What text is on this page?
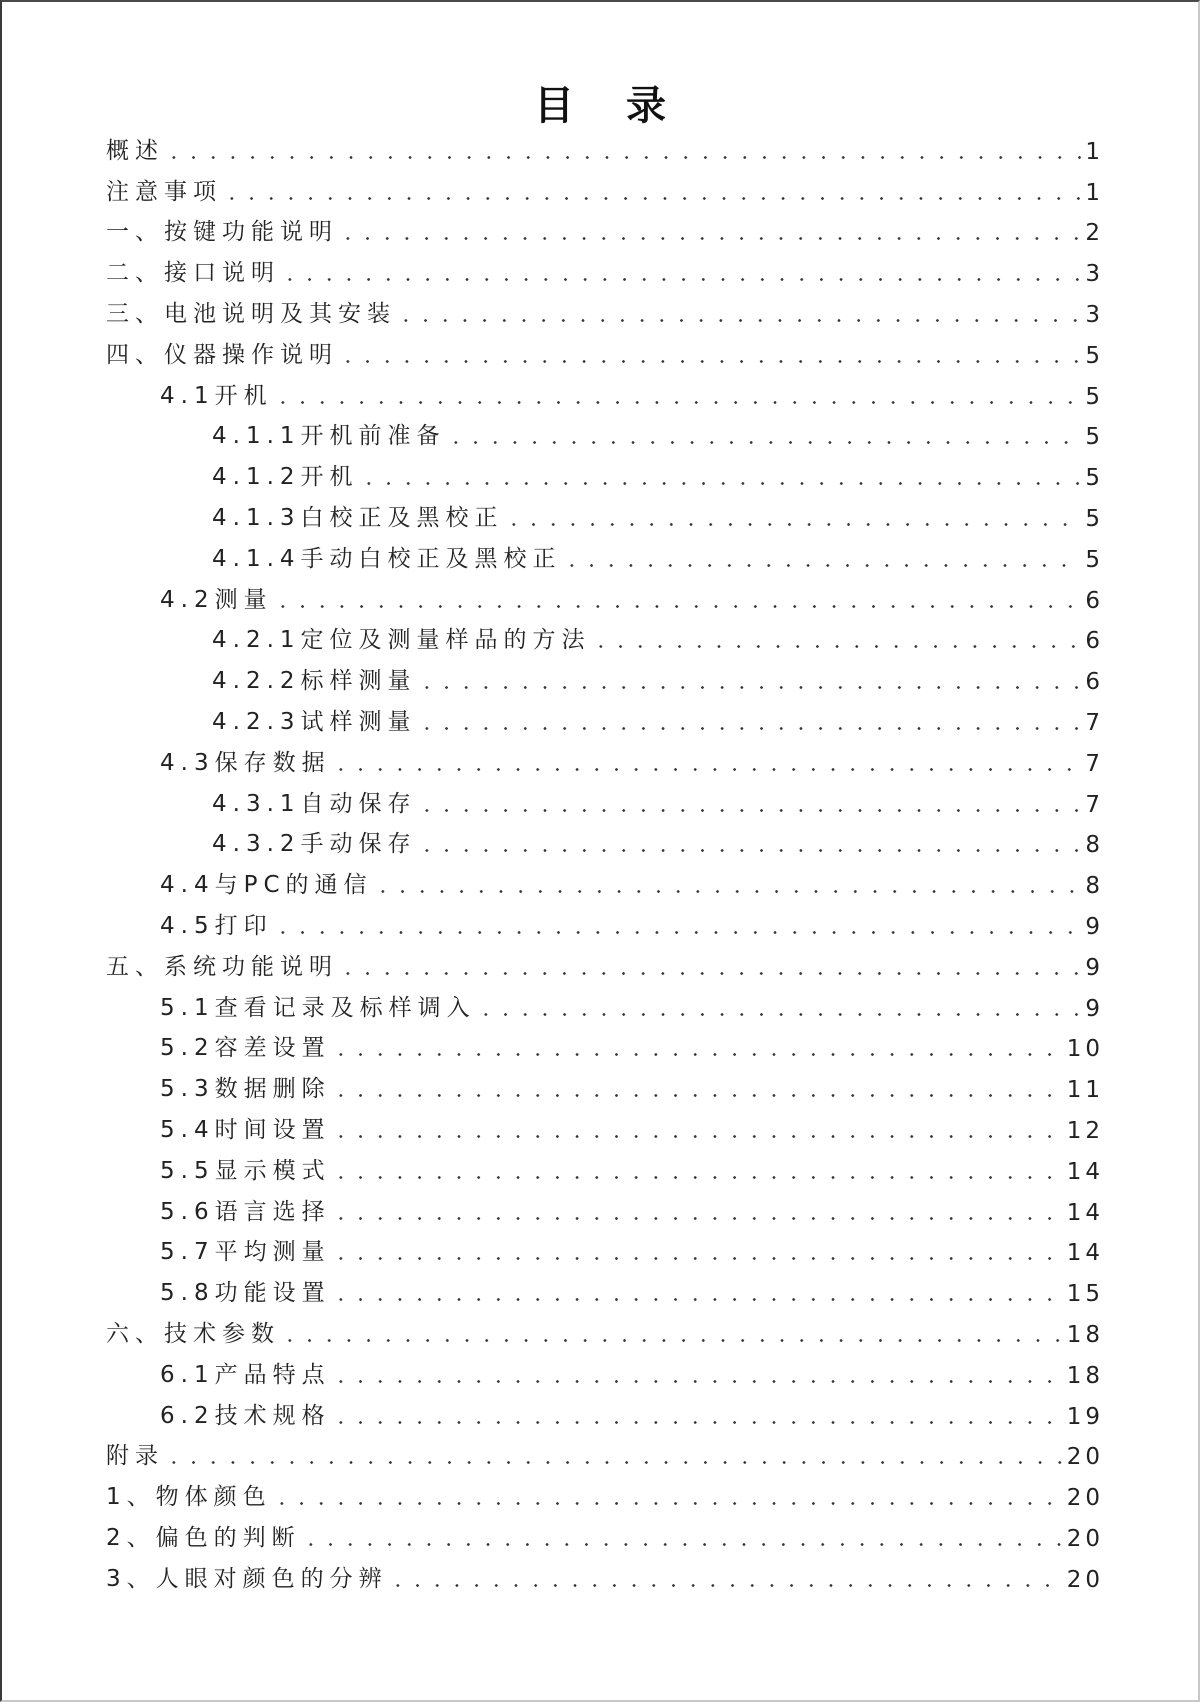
目录
概述	1
注意事项	1
一、按键功能说明	2
二、接口说明	3
三、电池说明及其安装	3
四、仪器操作说明	5
4.1开机	5
4.1.1开机前准备	5
4.1.2开机	5
4.1.3白校正及黑校正	5
4.1.4手动白校正及黑校正	5
4.2测量	6
4.2.1定位及测量样品的方法	6
4.2.2标样测量	6
4.2.3试样测量	7
4.3保存数据	7
4.3.1自动保存	7
4.3.2手动保存	8
4.4与PC的通信	8
4.5打印	9
五、系统功能说明	9
5.1查看记录及标样调入	9
5.2容差设置	10
5.3数据删除	11
5.4时间设置	12
5.5显示模式	14
5.6语言选择	14
5.7平均测量	14
5.8功能设置	15
六、技术参数	18
6.1产品特点	18
6.2技术规格	19
附录	20
1、物体颜色	20
2、偏色的判断	20
3、人眼对颜色的分辨	20
